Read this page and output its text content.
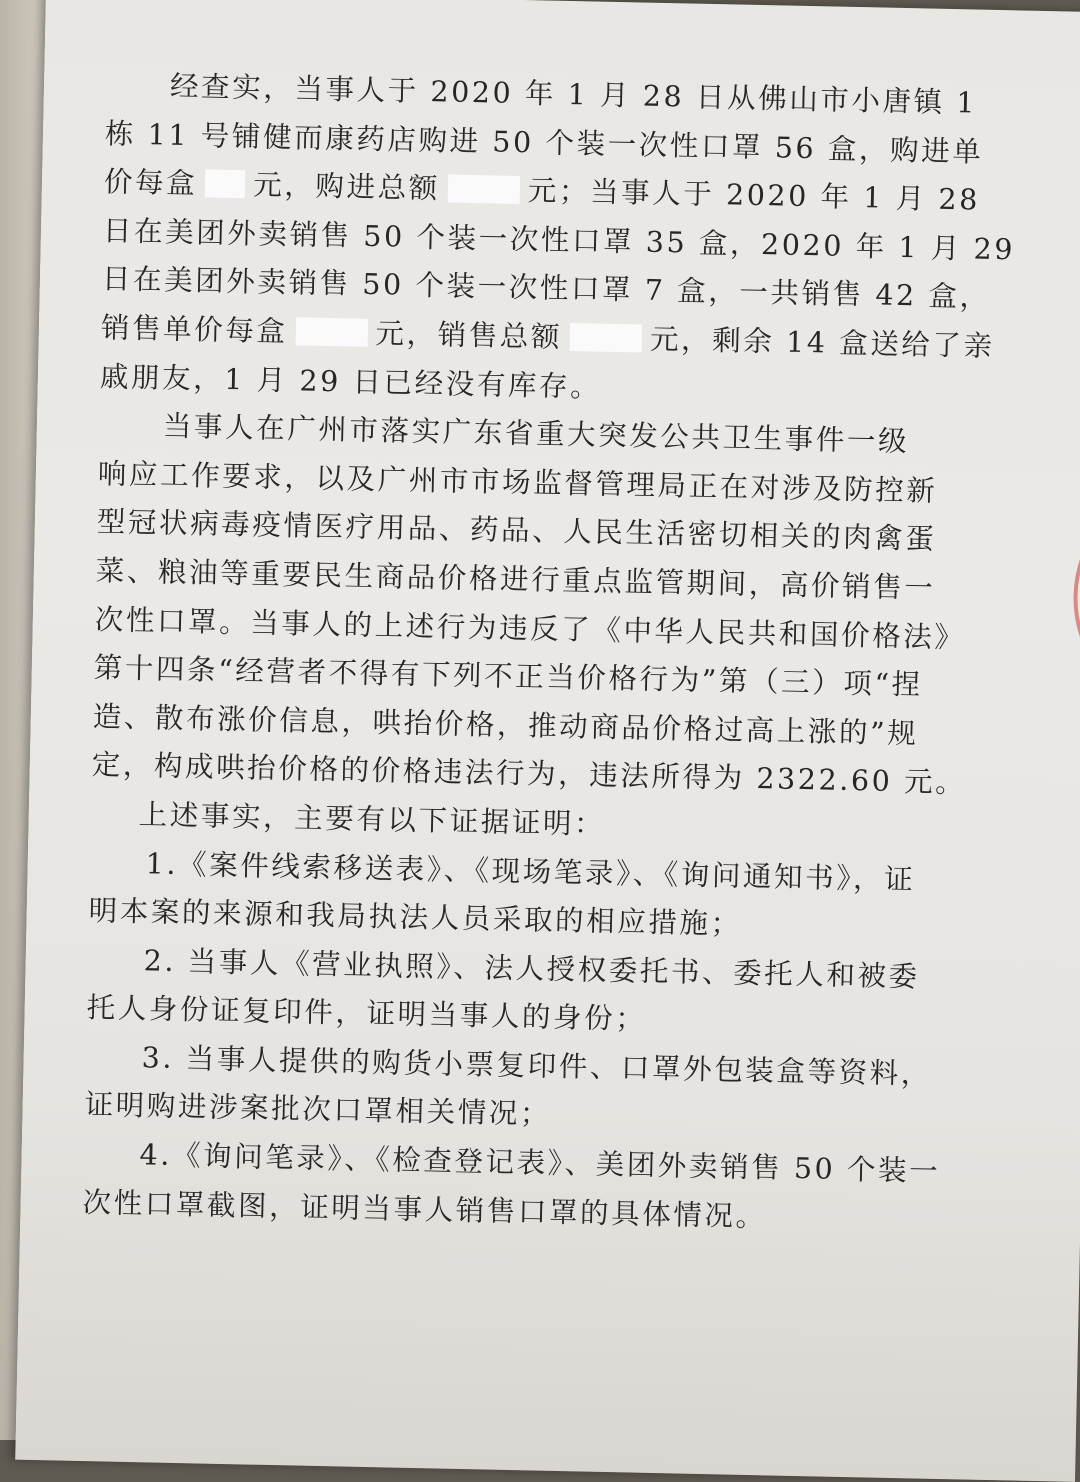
经查实，当事人于 2020 年 1 月 28 日从佛山市小唐镇 1
栋 11 号铺健而康药店购进 50 个装一次性口罩 56 盒，购进单
价每盒 元，购进总额	元；当事人于 2020 年 1 月 28
日在美团外卖销售 50 个装一次性口罩 35 盒，2020 年 1 月 29
日在美团外卖销售 50 个装一次性口罩 7 盒，一共销售 42 盒，
销售单价每盒	元，销售总额	元，剩余 14 盒送给了亲
戚朋友，1 月 29 日已经没有库存。
当事人在广州市落实广东省重大突发公共卫生事件一级
响应工作要求，以及广州市市场监督管理局正在对涉及防控新
型冠状病毒疫情医疗用品、药品、人民生活密切相关的肉禽蛋
菜、粮油等重要民生商品价格进行重点监管期间，高价销售一
次性口罩。当事人的上述行为违反了《中华人民共和国价格法》
第十四条“经营者不得有下列不正当价格行为”第（三）项“捏
造、散布涨价信息，哄抬价格，推动商品价格过高上涨的”规
定，构成哄抬价格的价格违法行为，违法所得为 2322.60 元。
上述事实，主要有以下证据证明：
1.《案件线索移送表》、《现场笔录》、《询问通知书》，证
明本案的来源和我局执法人员采取的相应措施；
2. 当事人《营业执照》、法人授权委托书、委托人和被委
托人身份证复印件，证明当事人的身份；
3. 当事人提供的购货小票复印件、口罩外包装盒等资料，
证明购进涉案批次口罩相关情况；
4.《询问笔录》、《检查登记表》、美团外卖销售 50 个装一
次性口罩截图，证明当事人销售口罩的具体情况。
